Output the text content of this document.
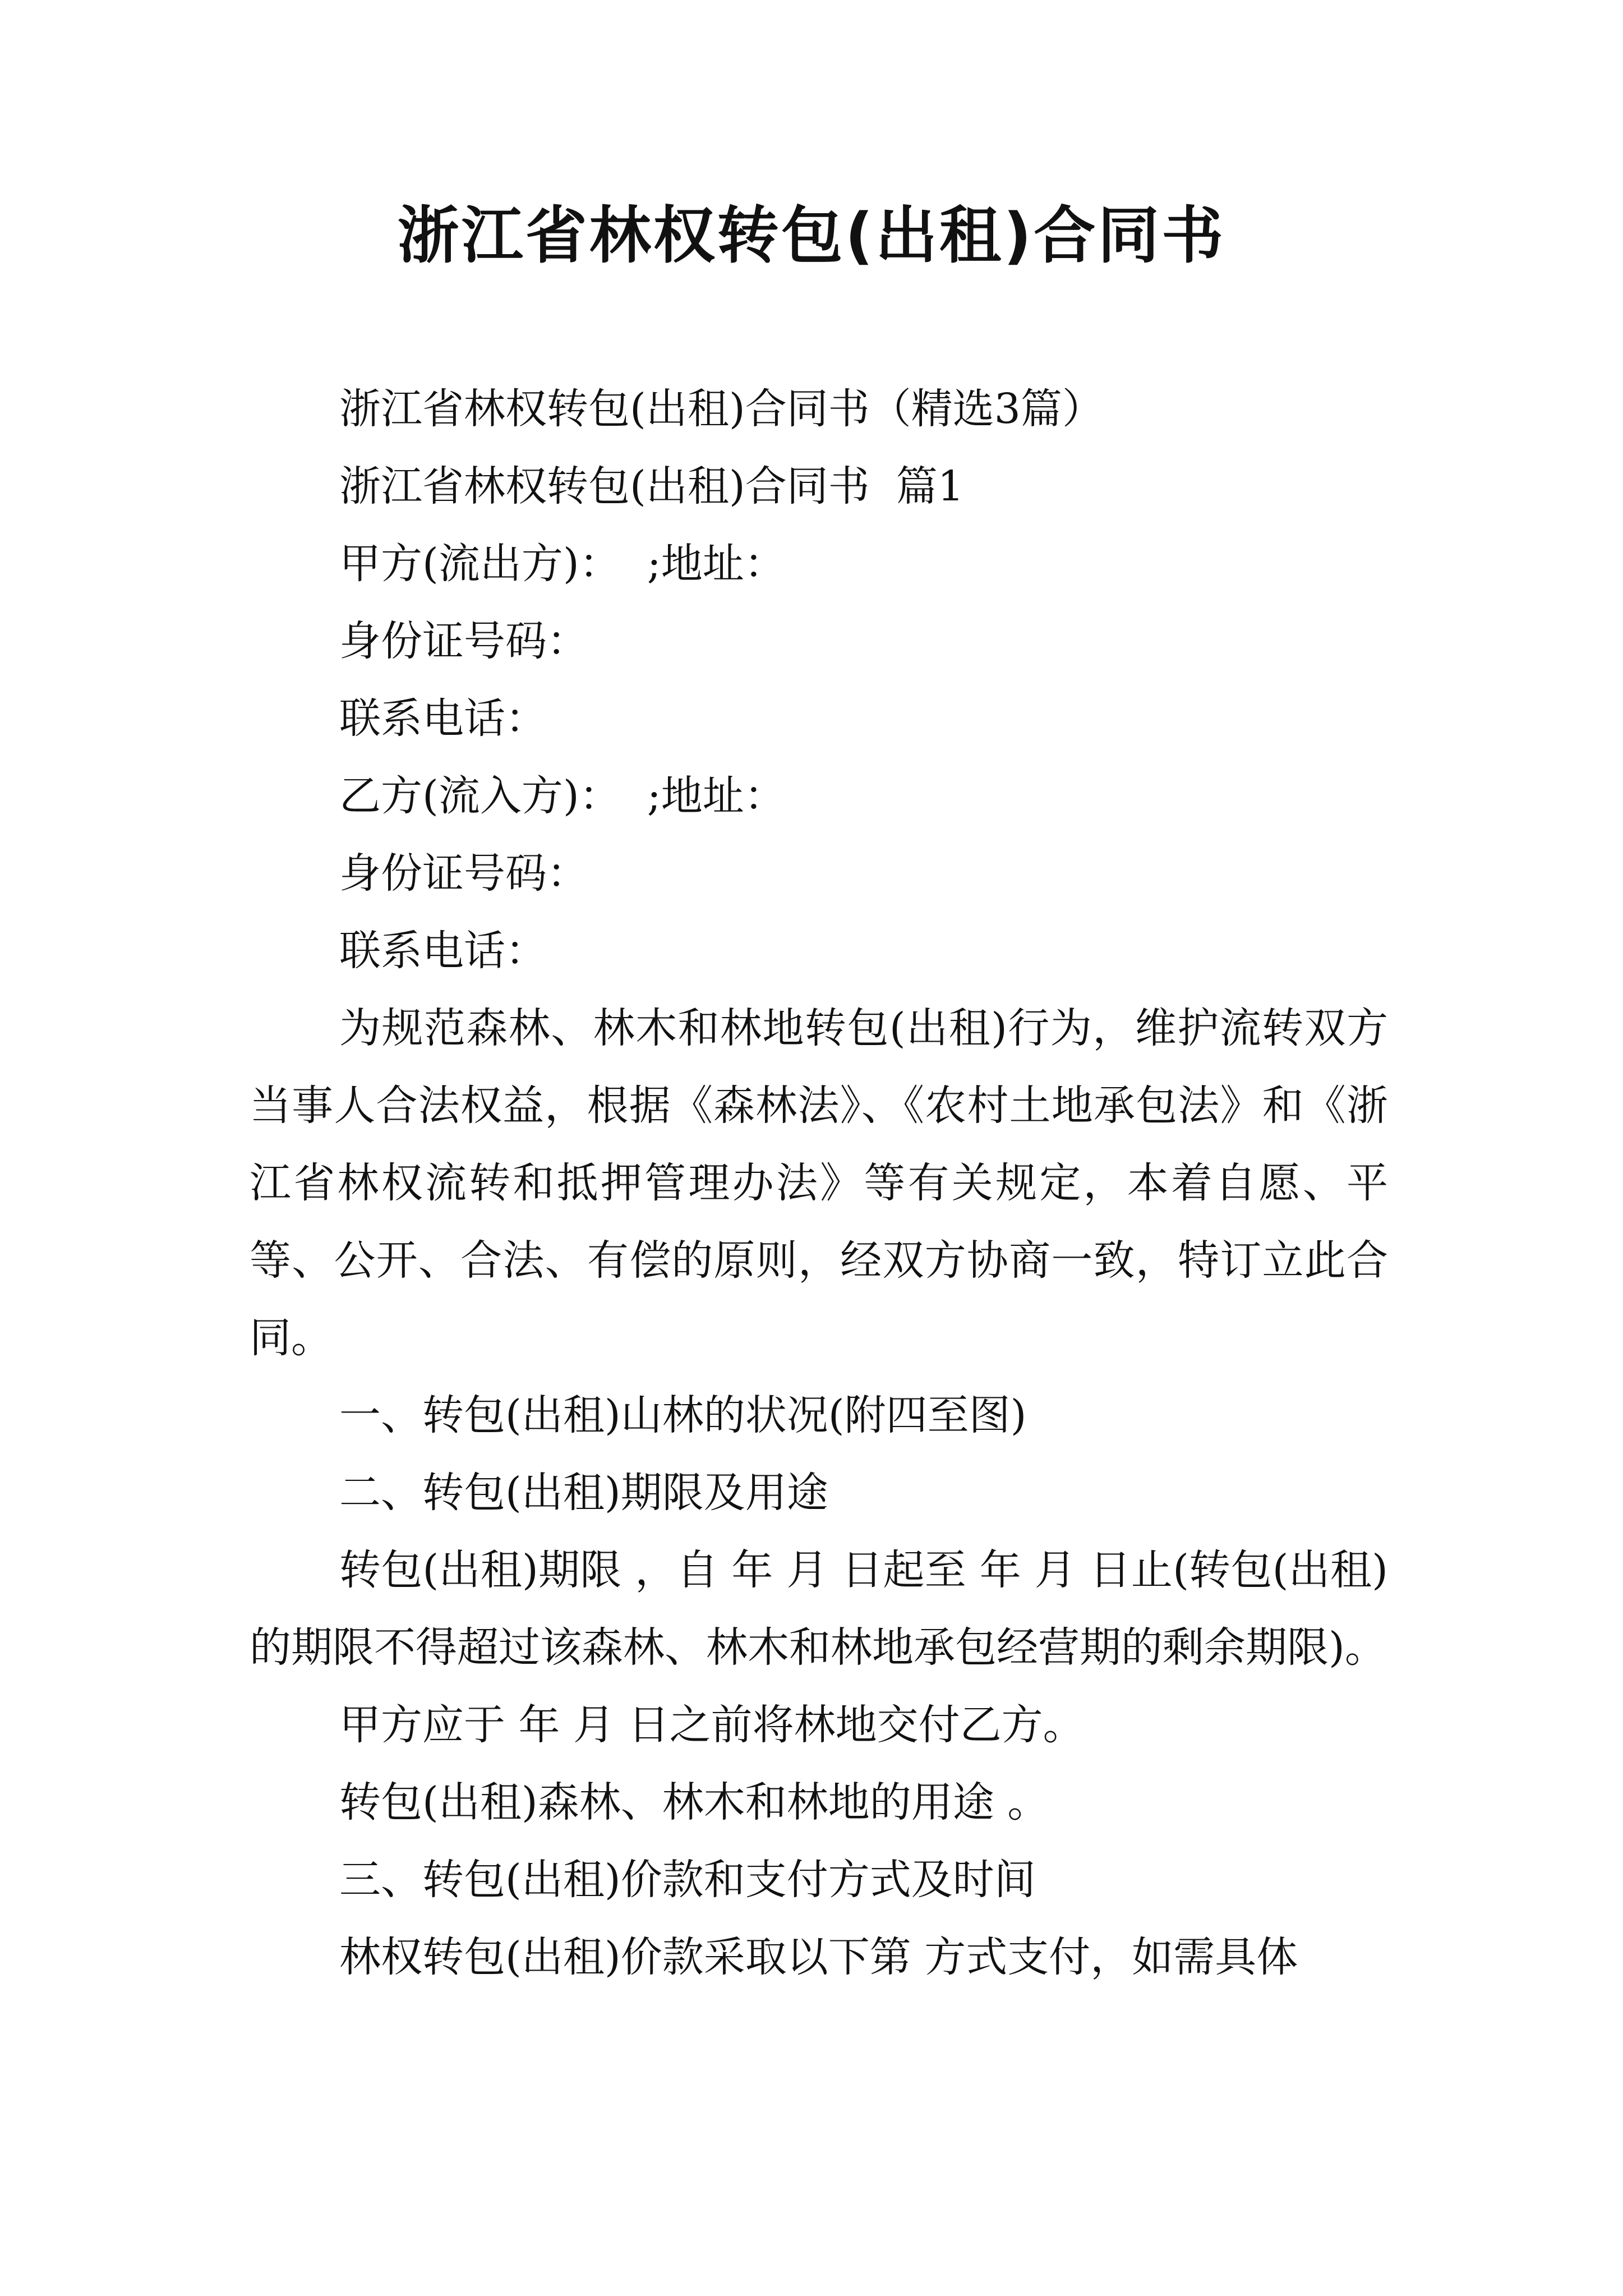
浙江省林权转包(出租)合同书

浙江省林权转包(出租)合同书（精选3篇）

浙江省林权转包(出租)合同书  篇1

甲方(流出方)：  ;地址：

身份证号码：

联系电话：

乙方(流入方)：  ;地址：

身份证号码：

联系电话：

为规范森林、林木和林地转包(出租)行为，维护流转双方当事人合法权益，根据《森林法》、《农村土地承包法》和《浙江省林权流转和抵押管理办法》等有关规定，本着自愿、平等、公开、合法、有偿的原则，经双方协商一致，特订立此合同。

一、转包(出租)山林的状况(附四至图)

二、转包(出租)期限及用途

转包(出租)期限 ，自 年 月 日起至 年 月 日止(转包(出租)的期限不得超过该森林、林木和林地承包经营期的剩余期限)。

甲方应于 年 月 日之前将林地交付乙方。

转包(出租)森林、林木和林地的用途 。

三、转包(出租)价款和支付方式及时间

林权转包(出租)价款采取以下第 方式支付，如需具体
